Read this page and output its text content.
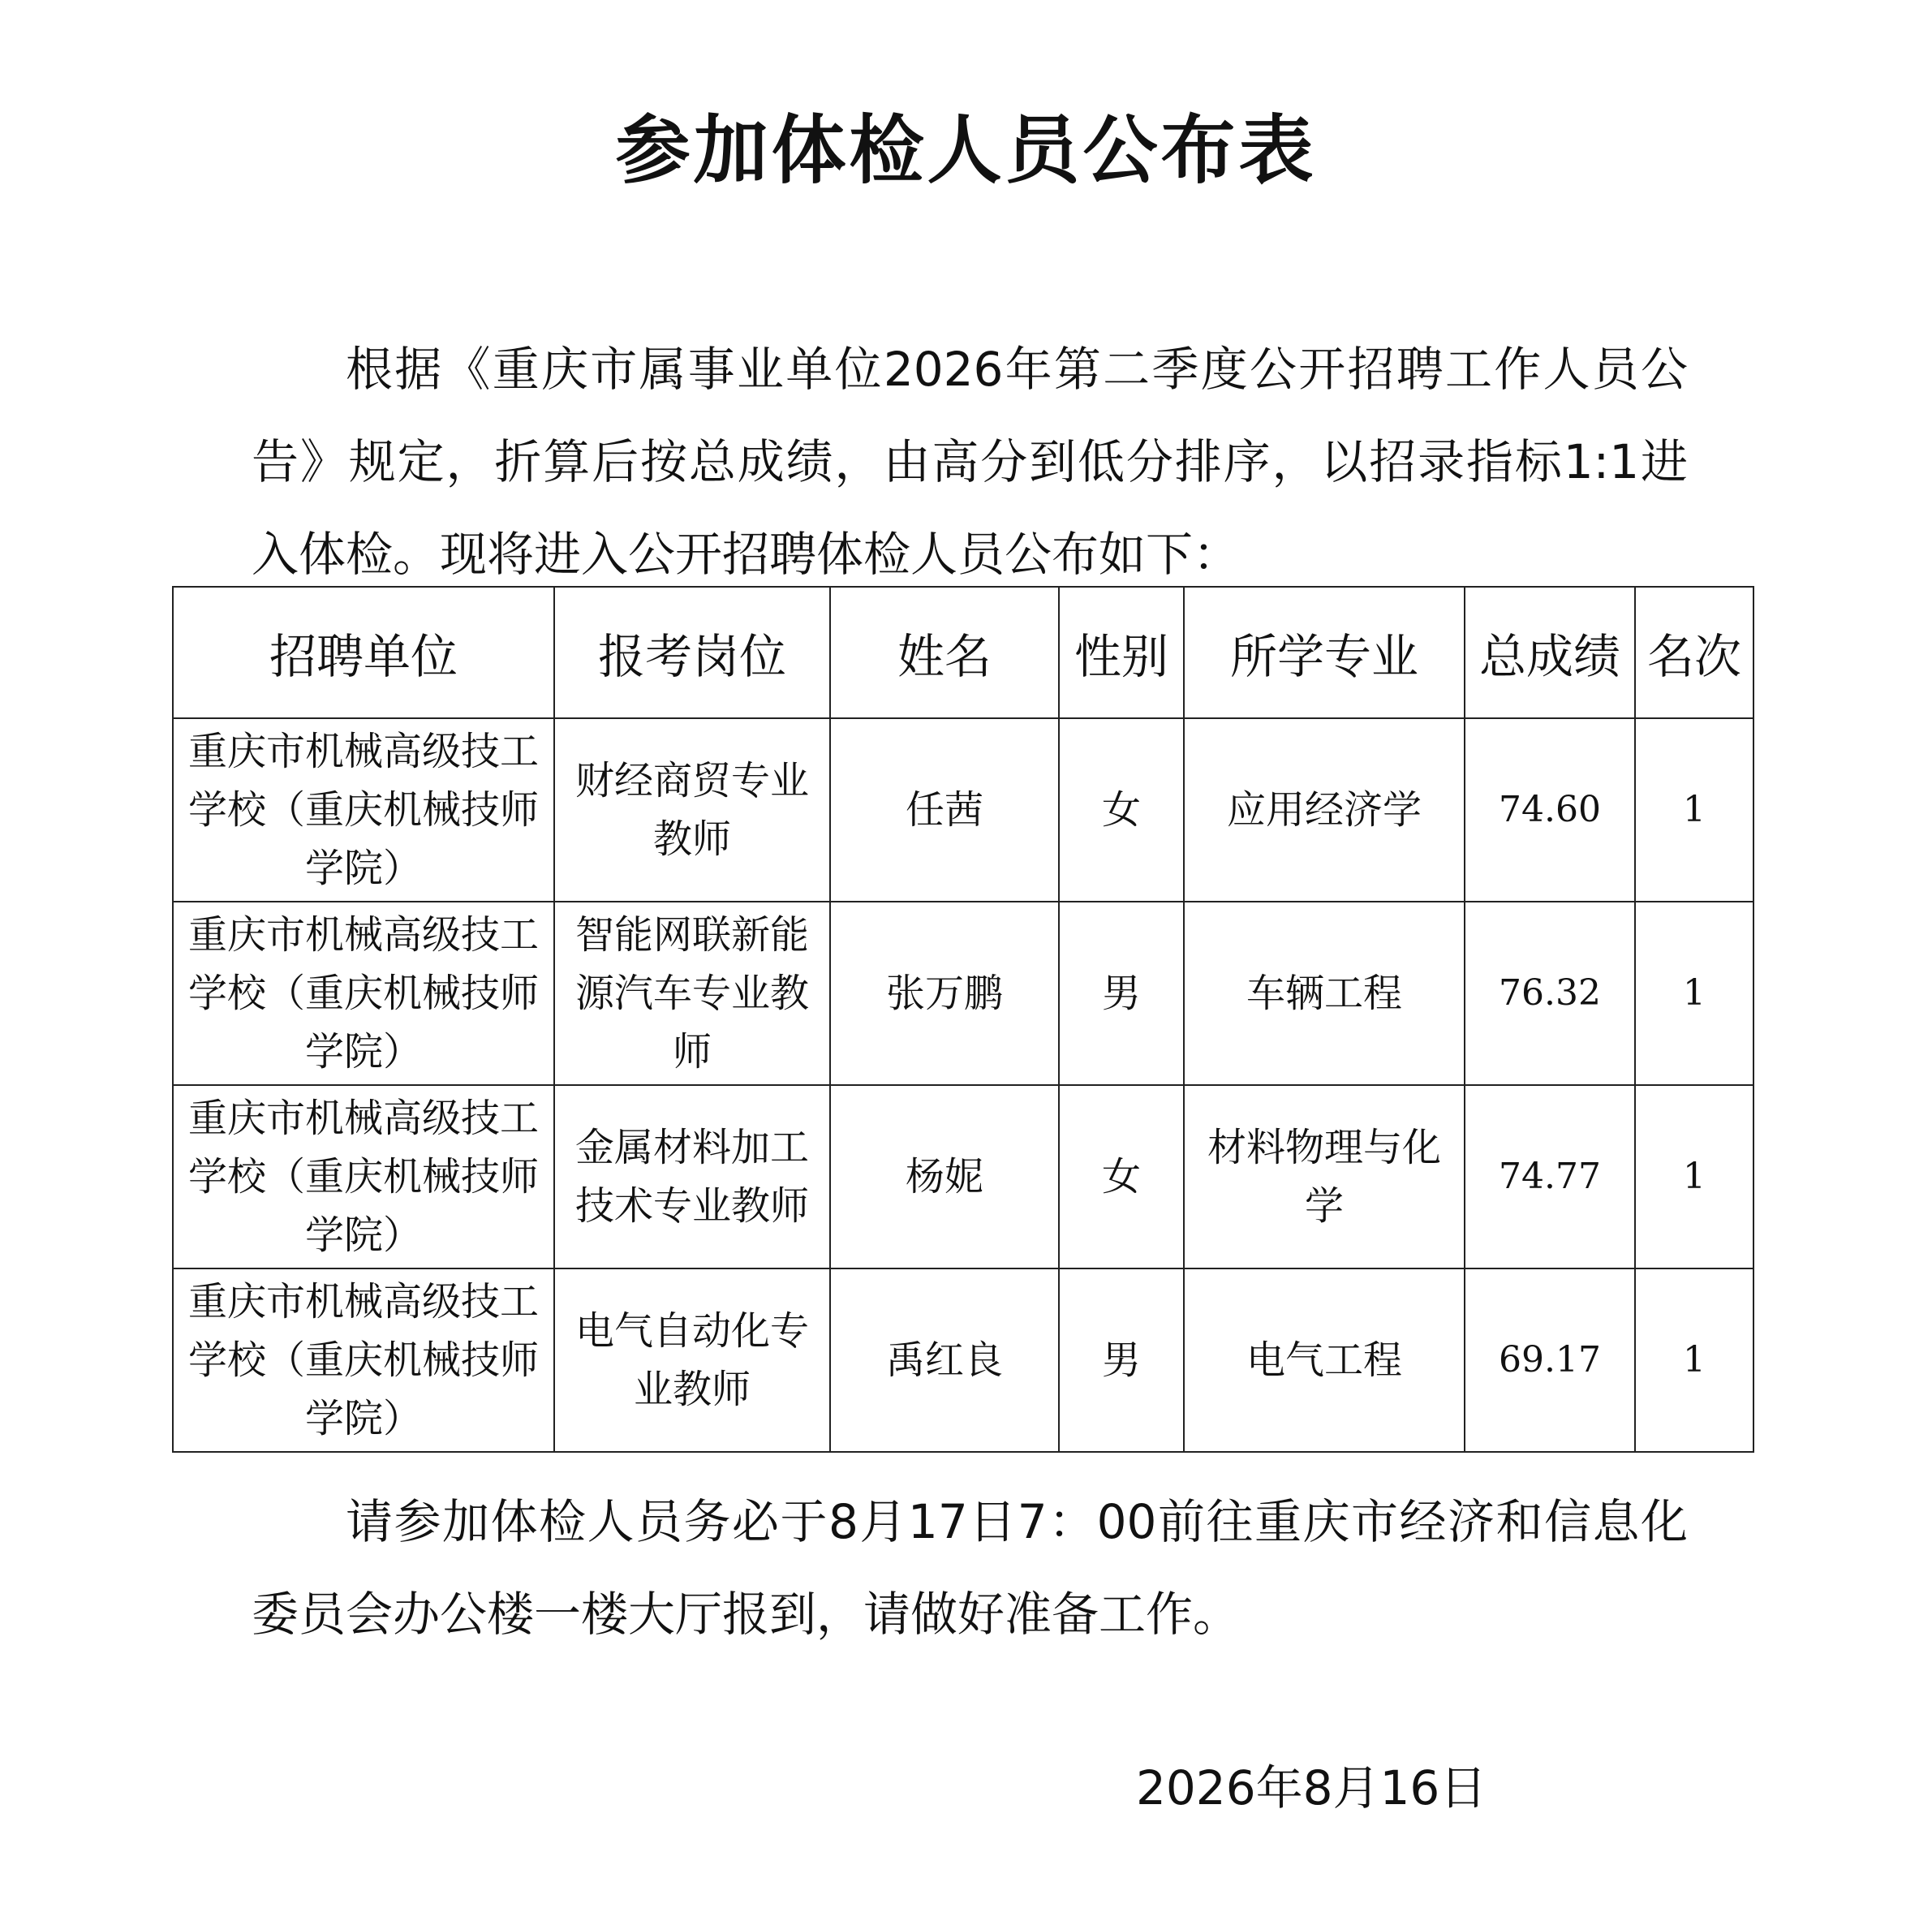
参加体检人员公布表

根据《重庆市属事业单位2026年第二季度公开招聘工作人员公告》规定，折算后按总成绩，由高分到低分排序，以招录指标1:1进入体检。现将进入公开招聘体检人员公布如下：

招聘单位	报考岗位	姓名	性别	所学专业	总成绩	名次
重庆市机械高级技工学校（重庆机械技师学院）	财经商贸专业教师	任茜	女	应用经济学	74.60	1
重庆市机械高级技工学校（重庆机械技师学院）	智能网联新能源汽车专业教师	张万鹏	男	车辆工程	76.32	1
重庆市机械高级技工学校（重庆机械技师学院）	金属材料加工技术专业教师	杨妮	女	材料物理与化学	74.77	1
重庆市机械高级技工学校（重庆机械技师学院）	电气自动化专业教师	禹红良	男	电气工程	69.17	1

请参加体检人员务必于8月17日7：00前往重庆市经济和信息化委员会办公楼一楼大厅报到，请做好准备工作。

2026年8月16日
